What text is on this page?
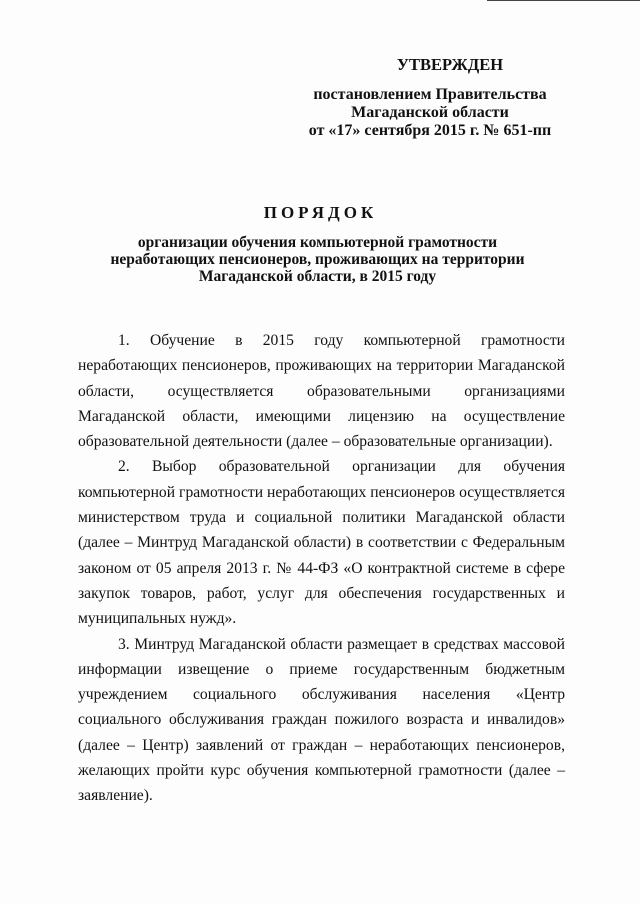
УТВЕРЖДЕН
постановлением Правительства
Магаданской области
от «17» сентября 2015 г. № 651-пп
ПОРЯДОК
организации обучения компьютерной грамотности неработающих пенсионеров, проживающих на территории Магаданской области, в 2015 году

1. Обучение в 2015 году компьютерной грамотности неработающих пенсионеров, проживающих на территории Магаданской области, осуществляется образовательными организациями Магаданской области, имеющими лицензию на осуществление образовательной деятельности (далее – образовательные организации).

2. Выбор образовательной организации для обучения компьютерной грамотности неработающих пенсионеров осуществляется министерством труда и социальной политики Магаданской области (далее – Минтруд Магаданской области) в соответствии с Федеральным законом от 05 апреля 2013 г. № 44-ФЗ «О контрактной системе в сфере закупок товаров, работ, услуг для обеспечения государственных и муниципальных нужд».

3. Минтруд Магаданской области размещает в средствах массовой информации извещение о приеме государственным бюджетным учреждением социального обслуживания населения «Центр социального обслуживания граждан пожилого возраста и инвалидов» (далее – Центр) заявлений от граждан – неработающих пенсионеров, желающих пройти курс обучения компьютерной грамотности (далее – заявление).
